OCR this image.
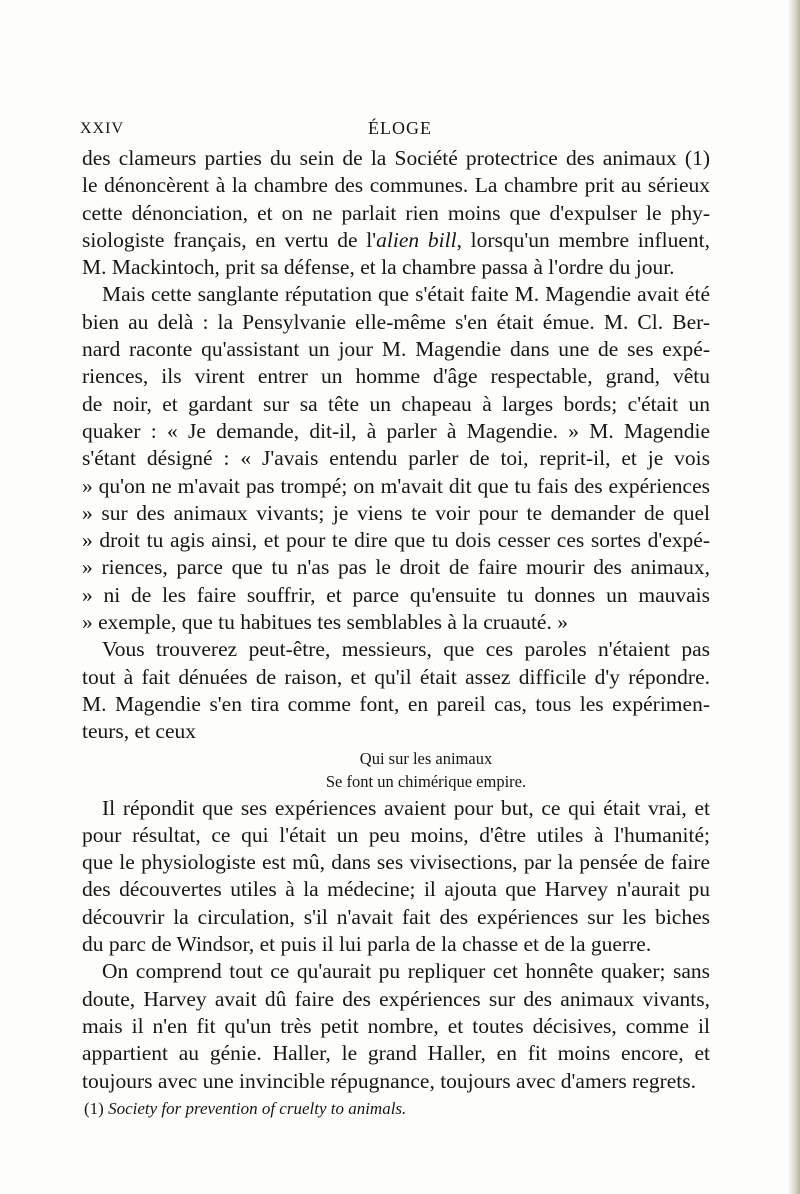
XXIV	ÉLOGE
des clameurs parties du sein de la Société protectrice des animaux (1)
le dénoncèrent à la chambre des communes. La chambre prit au sérieux
cette dénonciation, et on ne parlait rien moins que d'expulser le phy-
siologiste français, en vertu de l'alien bill, lorsqu'un membre influent,
M. Mackintoch, prit sa défense, et la chambre passa à l'ordre du jour.
Mais cette sanglante réputation que s'était faite M. Magendie avait été
bien au delà : la Pensylvanie elle-même s'en était émue. M. Cl. Ber-
nard raconte qu'assistant un jour M. Magendie dans une de ses expé-
riences, ils virent entrer un homme d'âge respectable, grand, vêtu
de noir, et gardant sur sa tête un chapeau à larges bords; c'était un
quaker : « Je demande, dit-il, à parler à Magendie. » M. Magendie
s'étant désigné : « J'avais entendu parler de toi, reprit-il, et je vois
» qu'on ne m'avait pas trompé; on m'avait dit que tu fais des expériences
» sur des animaux vivants; je viens te voir pour te demander de quel
» droit tu agis ainsi, et pour te dire que tu dois cesser ces sortes d'expé-
» riences, parce que tu n'as pas le droit de faire mourir des animaux,
» ni de les faire souffrir, et parce qu'ensuite tu donnes un mauvais
» exemple, que tu habitues tes semblables à la cruauté. »
Vous trouverez peut-être, messieurs, que ces paroles n'étaient pas
tout à fait dénuées de raison, et qu'il était assez difficile d'y répondre.
M. Magendie s'en tira comme font, en pareil cas, tous les expérimen-
teurs, et ceux
Qui sur les animaux
Se font un chimérique empire.
Il répondit que ses expériences avaient pour but, ce qui était vrai, et
pour résultat, ce qui l'était un peu moins, d'être utiles à l'humanité;
que le physiologiste est mû, dans ses vivisections, par la pensée de faire
des découvertes utiles à la médecine; il ajouta que Harvey n'aurait pu
découvrir la circulation, s'il n'avait fait des expériences sur les biches
du parc de Windsor, et puis il lui parla de la chasse et de la guerre.
On comprend tout ce qu'aurait pu repliquer cet honnête quaker; sans
doute, Harvey avait dû faire des expériences sur des animaux vivants,
mais il n'en fit qu'un très petit nombre, et toutes décisives, comme il
appartient au génie. Haller, le grand Haller, en fit moins encore, et
toujours avec une invincible répugnance, toujours avec d'amers regrets.
(1) Society for prevention of cruelty to animals.
